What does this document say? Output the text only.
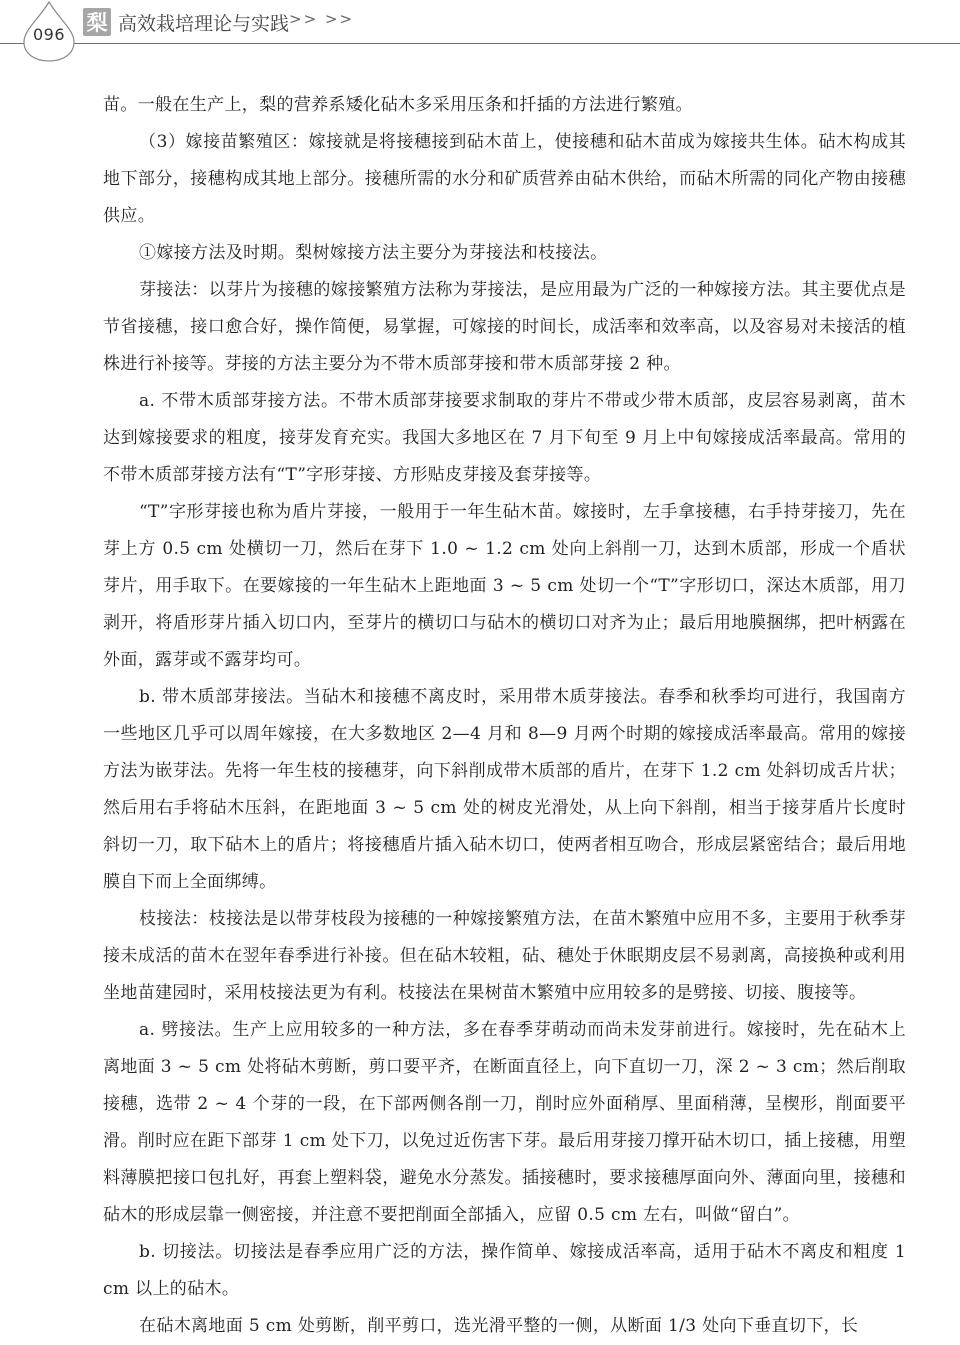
096	梨 高效栽培理论与实践 >> >>

苗。一般在生产上，梨的营养系矮化砧木多采用压条和扦插的方法进行繁殖。

（3）嫁接苗繁殖区：嫁接就是将接穗接到砧木苗上，使接穗和砧木苗成为嫁接共生体。砧木构成其地下部分，接穗构成其地上部分。接穗所需的水分和矿质营养由砧木供给，而砧木所需的同化产物由接穗供应。

①嫁接方法及时期。梨树嫁接方法主要分为芽接法和枝接法。

芽接法：以芽片为接穗的嫁接繁殖方法称为芽接法，是应用最为广泛的一种嫁接方法。其主要优点是节省接穗，接口愈合好，操作简便，易掌握，可嫁接的时间长，成活率和效率高，以及容易对未接活的植株进行补接等。芽接的方法主要分为不带木质部芽接和带木质部芽接 2 种。

a. 不带木质部芽接方法。不带木质部芽接要求制取的芽片不带或少带木质部，皮层容易剥离，苗木达到嫁接要求的粗度，接芽发育充实。我国大多地区在 7 月下旬至 9 月上中旬嫁接成活率最高。常用的不带木质部芽接方法有“T”字形芽接、方形贴皮芽接及套芽接等。

“T”字形芽接也称为盾片芽接，一般用于一年生砧木苗。嫁接时，左手拿接穗，右手持芽接刀，先在芽上方 0.5 cm 处横切一刀，然后在芽下 1.0 ~ 1.2 cm 处向上斜削一刀，达到木质部，形成一个盾状芽片，用手取下。在要嫁接的一年生砧木上距地面 3 ~ 5 cm 处切一个“T”字形切口，深达木质部，用刀剥开，将盾形芽片插入切口内，至芽片的横切口与砧木的横切口对齐为止；最后用地膜捆绑，把叶柄露在外面，露芽或不露芽均可。

b. 带木质部芽接法。当砧木和接穗不离皮时，采用带木质芽接法。春季和秋季均可进行，我国南方一些地区几乎可以周年嫁接，在大多数地区 2—4 月和 8—9 月两个时期的嫁接成活率最高。常用的嫁接方法为嵌芽法。先将一年生枝的接穗芽，向下斜削成带木质部的盾片，在芽下 1.2 cm 处斜切成舌片状；然后用右手将砧木压斜，在距地面 3 ~ 5 cm 处的树皮光滑处，从上向下斜削，相当于接芽盾片长度时斜切一刀，取下砧木上的盾片；将接穗盾片插入砧木切口，使两者相互吻合，形成层紧密结合；最后用地膜自下而上全面绑缚。

枝接法：枝接法是以带芽枝段为接穗的一种嫁接繁殖方法，在苗木繁殖中应用不多，主要用于秋季芽接未成活的苗木在翌年春季进行补接。但在砧木较粗，砧、穗处于休眠期皮层不易剥离，高接换种或利用坐地苗建园时，采用枝接法更为有利。枝接法在果树苗木繁殖中应用较多的是劈接、切接、腹接等。

a. 劈接法。生产上应用较多的一种方法，多在春季芽萌动而尚未发芽前进行。嫁接时，先在砧木上离地面 3 ~ 5 cm 处将砧木剪断，剪口要平齐，在断面直径上，向下直切一刀，深 2 ~ 3 cm；然后削取接穗，选带 2 ~ 4 个芽的一段，在下部两侧各削一刀，削时应外面稍厚、里面稍薄，呈楔形，削面要平滑。削时应在距下部芽 1 cm 处下刀，以免过近伤害下芽。最后用芽接刀撑开砧木切口，插上接穗，用塑料薄膜把接口包扎好，再套上塑料袋，避免水分蒸发。插接穗时，要求接穗厚面向外、薄面向里，接穗和砧木的形成层靠一侧密接，并注意不要把削面全部插入，应留 0.5 cm 左右，叫做“留白”。

b. 切接法。切接法是春季应用广泛的方法，操作简单、嫁接成活率高，适用于砧木不离皮和粗度 1 cm 以上的砧木。

在砧木离地面 5 cm 处剪断，削平剪口，选光滑平整的一侧，从断面 1/3 处向下垂直切下，长
